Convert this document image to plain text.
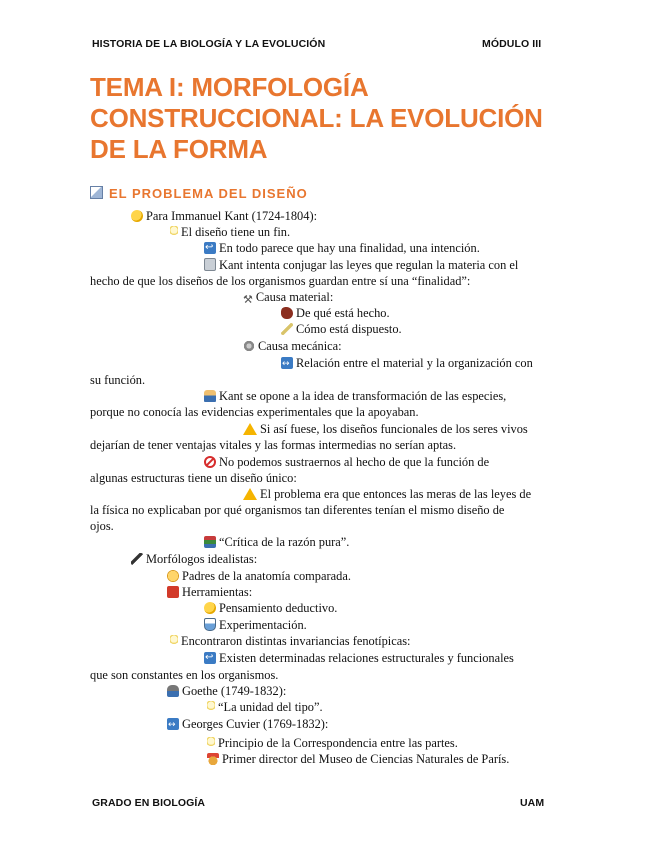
HISTORIA DE LA BIOLOGÍA Y LA EVOLUCIÓN	MÓDULO III
TEMA I: MORFOLOGÍA
CONSTRUCCIONAL: LA EVOLUCIÓN
DE LA FORMA
EL PROBLEMA DEL DISEÑO
Para Immanuel Kant (1724-1804):
El diseño tiene un fin.
↩En todo parece que hay una finalidad, una intención.
Kant intenta conjugar las leyes que regulan la materia con el
hecho de que los diseños de los organismos guardan entre sí una “finalidad”:
⚒ Causa material:
De qué está hecho.
Cómo está dispuesto.
Causa mecánica:
↔Relación entre el material y la organización con
su función.
Kant se opone a la idea de transformación de las especies,
porque no conocía las evidencias experimentales que la apoyaban.
Si así fuese, los diseños funcionales de los seres vivos
dejarían de tener ventajas vitales y las formas intermedias no serían aptas.
No podemos sustraernos al hecho de que la función de
algunas estructuras tiene un diseño único:
El problema era que entonces las meras de las leyes de
la física no explicaban por qué organismos tan diferentes tenían el mismo diseño de
ojos.
“Crítica de la razón pura”.
Morfólogos idealistas:
Padres de la anatomía comparada.
Herramientas:
Pensamiento deductivo.
Experimentación.
Encontraron distintas invariancias fenotípicas:
↩Existen determinadas relaciones estructurales y funcionales
que son constantes en los organismos.
Goethe (1749-1832):
“La unidad del tipo”.
↔Georges Cuvier (1769-1832):
Principio de la Correspondencia entre las partes.
Primer director del Museo de Ciencias Naturales de París.
GRADO EN BIOLOGÍA	UAM
